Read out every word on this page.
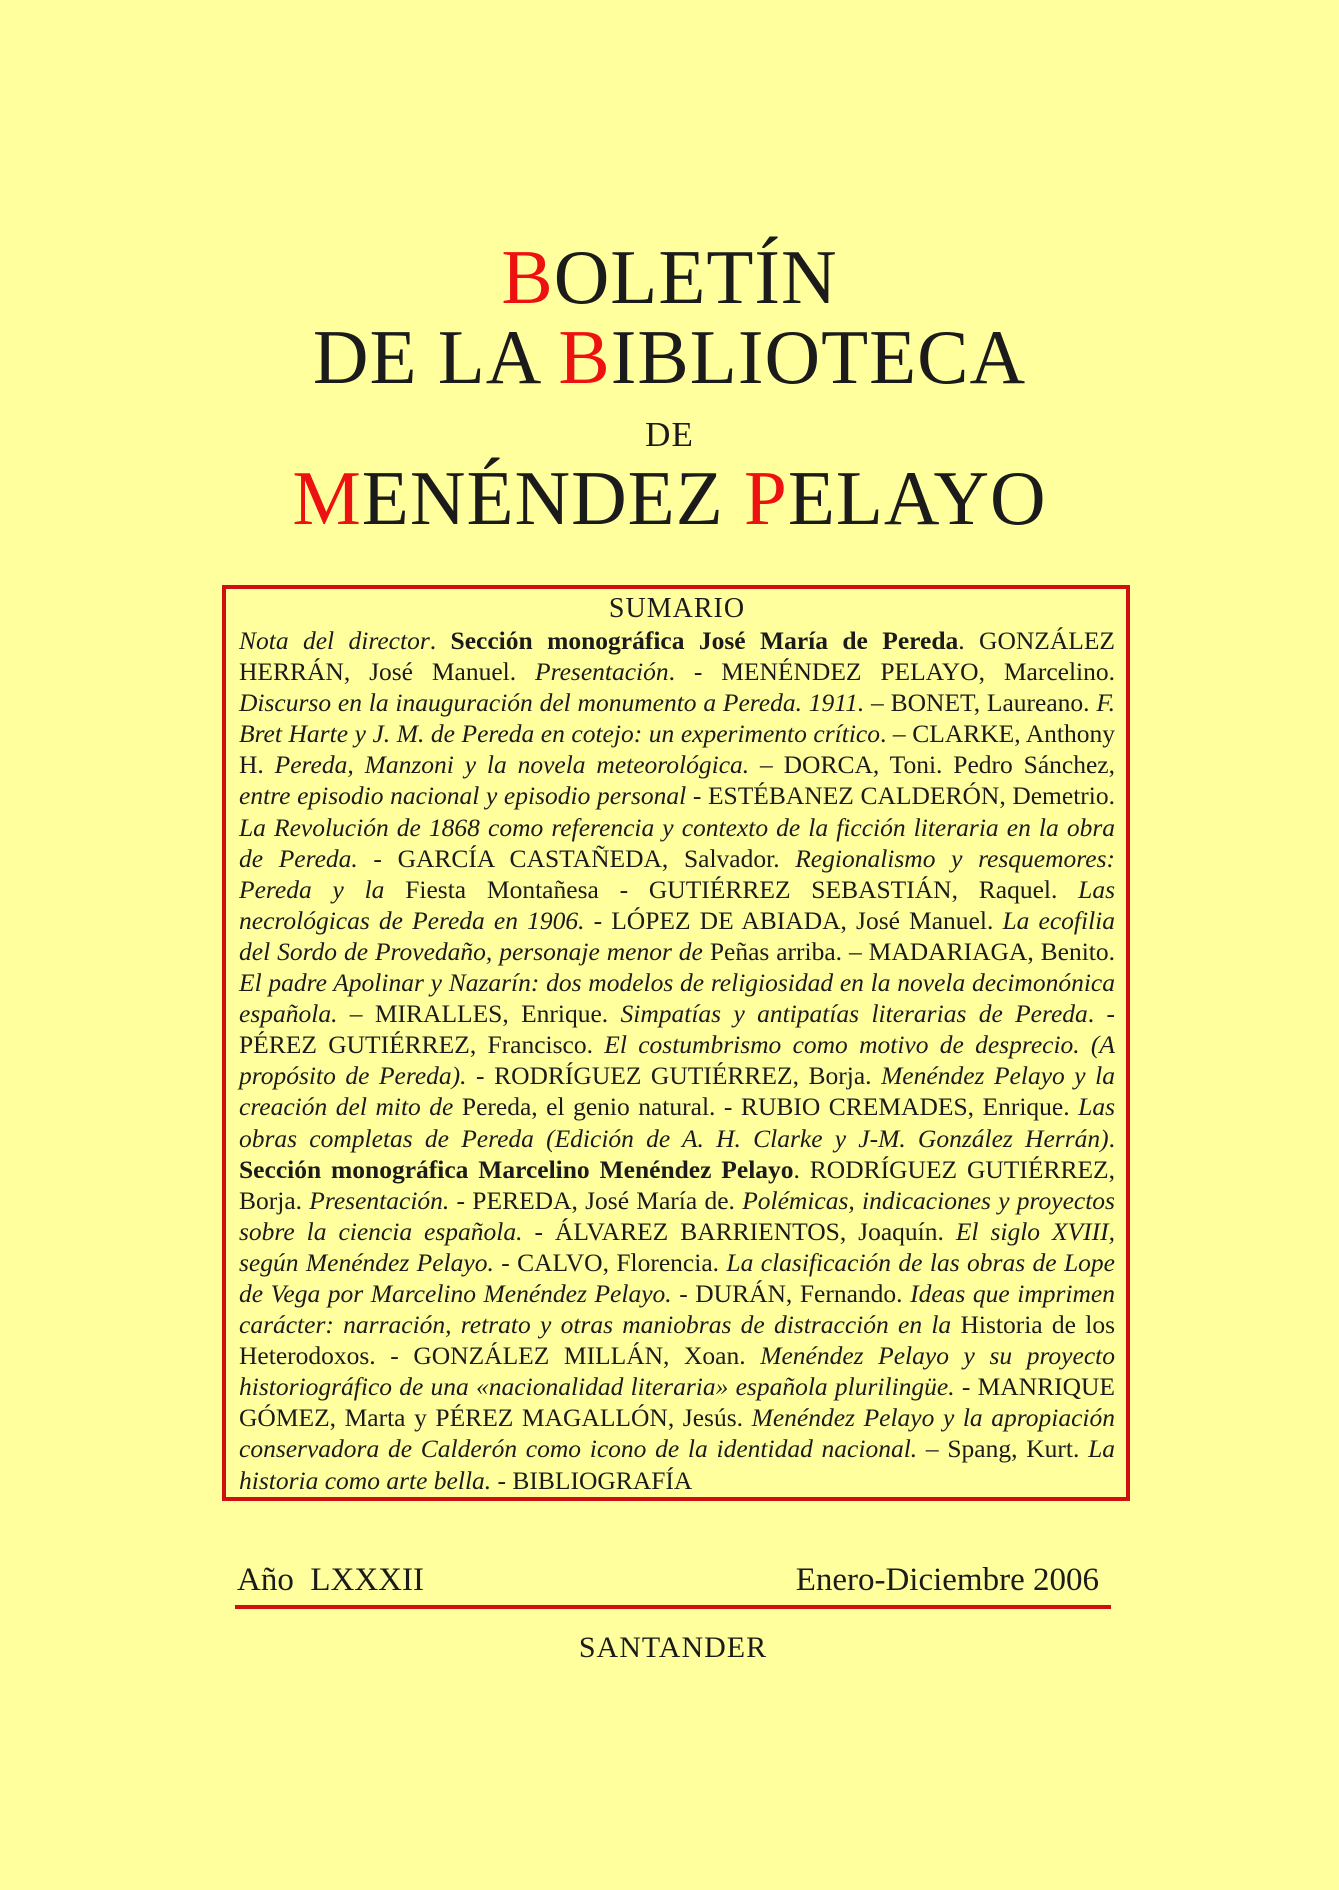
BOLETÍN
DE LA BIBLIOTECA
DE
MENÉNDEZ PELAYO
SUMARIO
Nota del director. Sección monográfica José María de Pereda. GONZÁLEZ HERRÁN, José Manuel. Presentación. - MENÉNDEZ PELAYO, Marcelino. Discurso en la inauguración del monumento a Pereda. 1911. – BONET, Laureano. F. Bret Harte y J. M. de Pereda en cotejo: un experimento crítico. – CLARKE, Anthony H. Pereda, Manzoni y la novela meteorológica. – DORCA, Toni. Pedro Sánchez, entre episodio nacional y episodio personal - ESTÉBANEZ CALDERÓN, Demetrio. La Revolución de 1868 como referencia y contexto de la ficción literaria en la obra de Pereda. - GARCÍA CASTAÑEDA, Salvador. Regionalismo y resquemores: Pereda y la Fiesta Montañesa - GUTIÉRREZ SEBASTIÁN, Raquel. Las necrológicas de Pereda en 1906. - LÓPEZ DE ABIADA, José Manuel. La ecofilia del Sordo de Provedaño, personaje menor de Peñas arriba. – MADARIAGA, Benito. El padre Apolinar y Nazarín: dos modelos de religiosidad en la novela decimonónica española. – MIRALLES, Enrique. Simpatías y antipatías literarias de Pereda. - PÉREZ GUTIÉRREZ, Francisco. El costumbrismo como motivo de desprecio. (A propósito de Pereda). - RODRÍGUEZ GUTIÉRREZ, Borja. Menéndez Pelayo y la creación del mito de Pereda, el genio natural. - RUBIO CREMADES, Enrique. Las obras completas de Pereda (Edición de A. H. Clarke y J-M. González Herrán). Sección monográfica Marcelino Menéndez Pelayo. RODRÍGUEZ GUTIÉRREZ, Borja. Presentación. - PEREDA, José María de. Polémicas, indicaciones y proyectos sobre la ciencia española. - ÁLVAREZ BARRIENTOS, Joaquín. El siglo XVIII, según Menéndez Pelayo. - CALVO, Florencia. La clasificación de las obras de Lope de Vega por Marcelino Menéndez Pelayo. - DURÁN, Fernando. Ideas que imprimen carácter: narración, retrato y otras maniobras de distracción en la Historia de los Heterodoxos. - GONZÁLEZ MILLÁN, Xoan. Menéndez Pelayo y su proyecto historiográfico de una «nacionalidad literaria» española plurilingüe. - MANRIQUE GÓMEZ, Marta y PÉREZ MAGALLÓN, Jesús. Menéndez Pelayo y la apropiación conservadora de Calderón como icono de la identidad nacional. – Spang, Kurt. La historia como arte bella. - BIBLIOGRAFÍA
Año  LXXXII	Enero-Diciembre 2006
SANTANDER
